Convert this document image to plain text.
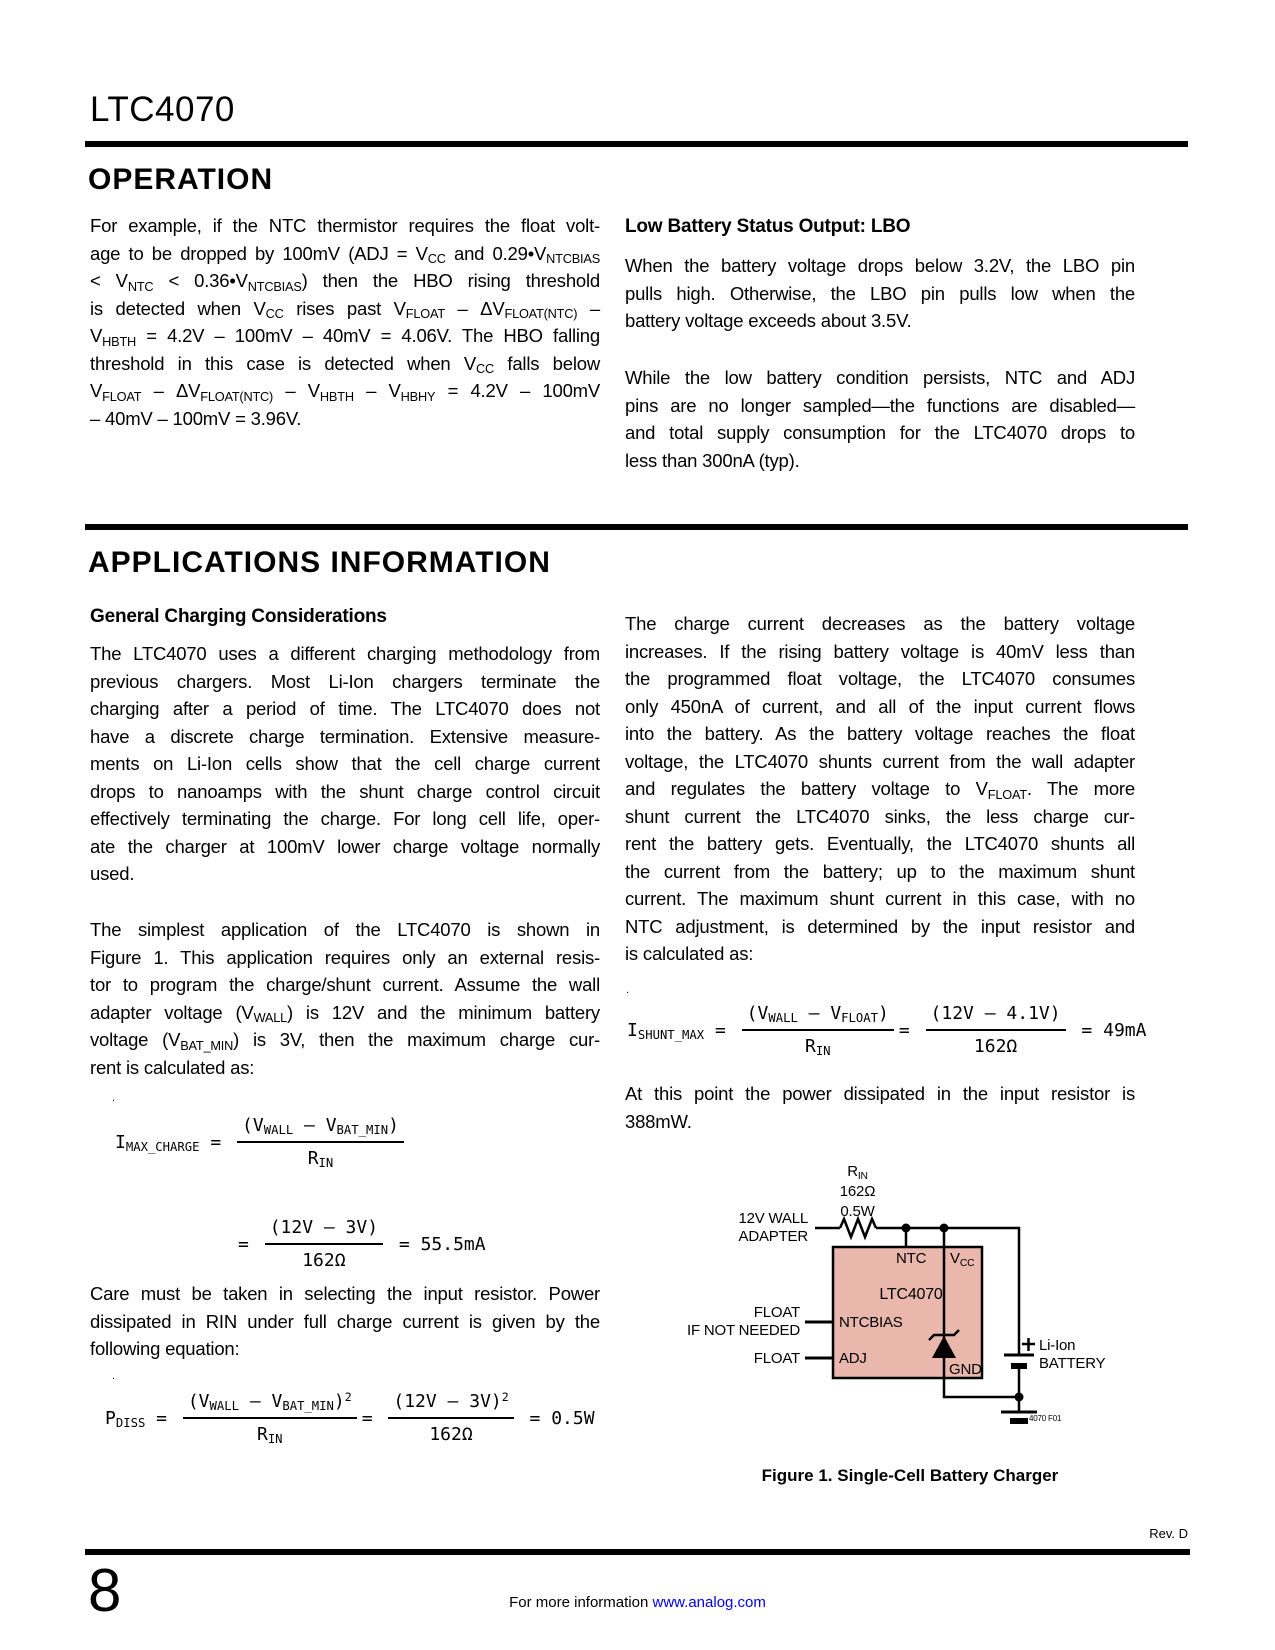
LTC4070
OPERATION
For example, if the NTC thermistor requires the float volt-
age to be dropped by 100mV ($ADJ = V_{CC}$ and $0.29•V_{NTCBIAS}$
< $V_{NTC}$ < $0.36•V_{NTCBIAS}$) then the HBO rising threshold
is detected when $V_{CC}$ rises past $V_{FLOAT} - \Delta V_{FLOAT(NTC)}$ –
$V_{HBTH} = 4.2V - 100mV - 40mV = 4.06V$. The HBO falling
threshold in this case is detected when $V_{CC}$ falls below
$V_{FLOAT} - \Delta V_{FLOAT(NTC)} - V_{HBTH} - V_{HBHY} = 4.2V - 100mV$
– 40mV – 100mV = 3.96V.
Low Battery Status Output: LBO
When the battery voltage drops below 3.2V, the LBO pin
pulls high. Otherwise, the LBO pin pulls low when the
battery voltage exceeds about 3.5V.
While the low battery condition persists, NTC and ADJ
pins are no longer sampled—the functions are disabled—
and total supply consumption for the LTC4070 drops to
less than 300nA (typ).
APPLICATIONS INFORMATION
General Charging Considerations
The LTC4070 uses a different charging methodology from
previous chargers. Most Li-Ion chargers terminate the
charging after a period of time. The LTC4070 does not
have a discrete charge termination. Extensive measure-
ments on Li-Ion cells show that the cell charge current
drops to nanoamps with the shunt charge control circuit
effectively terminating the charge. For long cell life, oper-
ate the charger at 100mV lower charge voltage normally
used.
The simplest application of the LTC4070 is shown in
Figure 1. This application requires only an external resis-
tor to program the charge/shunt current. Assume the wall
adapter voltage $(V_{WALL})$ is 12V and the minimum battery
voltage $(V_{BAT\_MIN})$ is 3V, then the maximum charge cur-
rent is calculated as:
.
$I_{MAX\_CHARGE} = \frac{(V_{WALL} - V_{BAT\_MIN})}{R_{IN}}$
= $\frac{(12V - 3V)}{162\Omega} = 55.5mA$
Care must be taken in selecting the input resistor. Power
dissipated in RIN under full charge current is given by the
following equation:
.
$P_{DISS} = \frac{(V_{WALL} - V_{BAT\_MIN})^2}{R_{IN}} = \frac{(12V - 3V)^2}{162\Omega} = 0.5W$
The charge current decreases as the battery voltage
increases. If the rising battery voltage is 40mV less than
the programmed float voltage, the LTC4070 consumes
only 450nA of current, and all of the input current flows
into the battery. As the battery voltage reaches the float
voltage, the LTC4070 shunts current from the wall adapter
and regulates the battery voltage to $V_{FLOAT}$. The more
shunt current the LTC4070 sinks, the less charge cur-
rent the battery gets. Eventually, the LTC4070 shunts all
the current from the battery; up to the maximum shunt
current. The maximum shunt current in this case, with no
NTC adjustment, is determined by the input resistor and
is calculated as:
.
$I_{SHUNT\_MAX} = \frac{(V_{WALL} - V_{FLOAT})}{R_{IN}} = \frac{(12V - 4.1V)}{162\Omega} = 49mA$
At this point the power dissipated in the input resistor is
388mW.
12V WALL
ADAPTER
$R_{IN}$
162Ω
0.5W
NTC $V_{CC}$
LTC4070
NTCBIAS
ADJ
GND
FLOAT
IF NOT NEEDED
FLOAT
Li-Ion
BATTERY
4070 F01
Figure 1. Single-Cell Battery Charger
Rev. D
8	For more information www.analog.com
